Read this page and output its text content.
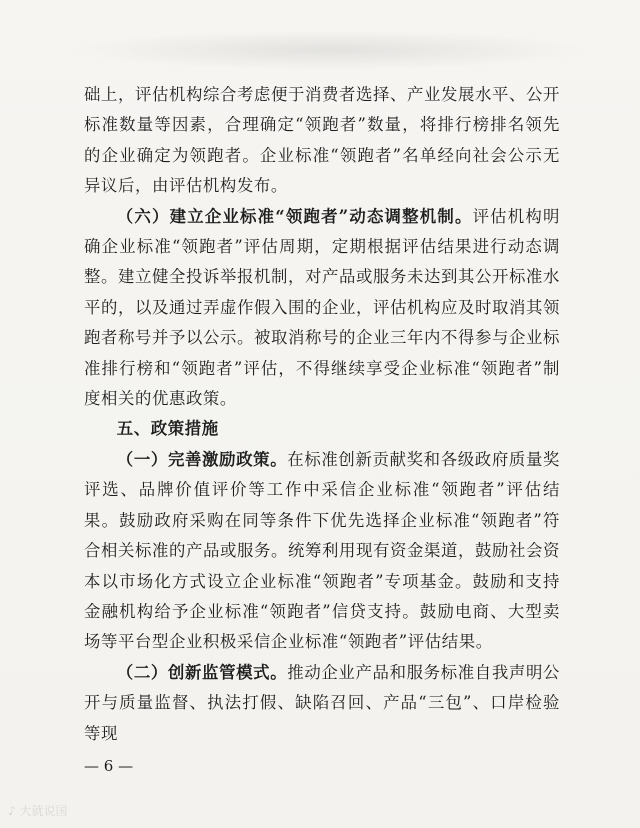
础上，评估机构综合考虑便于消费者选择、产业发展水平、公开标准数量等因素，合理确定“领跑者”数量，将排行榜排名领先的企业确定为领跑者。企业标准“领跑者”名单经向社会公示无异议后，由评估机构发布。

（六）建立企业标准“领跑者”动态调整机制。评估机构明确企业标准“领跑者”评估周期，定期根据评估结果进行动态调整。建立健全投诉举报机制，对产品或服务未达到其公开标准水平的，以及通过弄虚作假入围的企业，评估机构应及时取消其领跑者称号并予以公示。被取消称号的企业三年内不得参与企业标准排行榜和“领跑者”评估，不得继续享受企业标准“领跑者”制度相关的优惠政策。

五、政策措施

（一）完善激励政策。在标准创新贡献奖和各级政府质量奖评选、品牌价值评价等工作中采信企业标准“领跑者”评估结果。鼓励政府采购在同等条件下优先选择企业标准“领跑者”符合相关标准的产品或服务。统筹利用现有资金渠道，鼓励社会资本以市场化方式设立企业标准“领跑者”专项基金。鼓励和支持金融机构给予企业标准“领跑者”信贷支持。鼓励电商、大型卖场等平台型企业积极采信企业标准“领跑者”评估结果。

（二）创新监管模式。推动企业产品和服务标准自我声明公开与质量监督、执法打假、缺陷召回、产品“三包”、口岸检验等现

— 6 —
♪ 大就说国
